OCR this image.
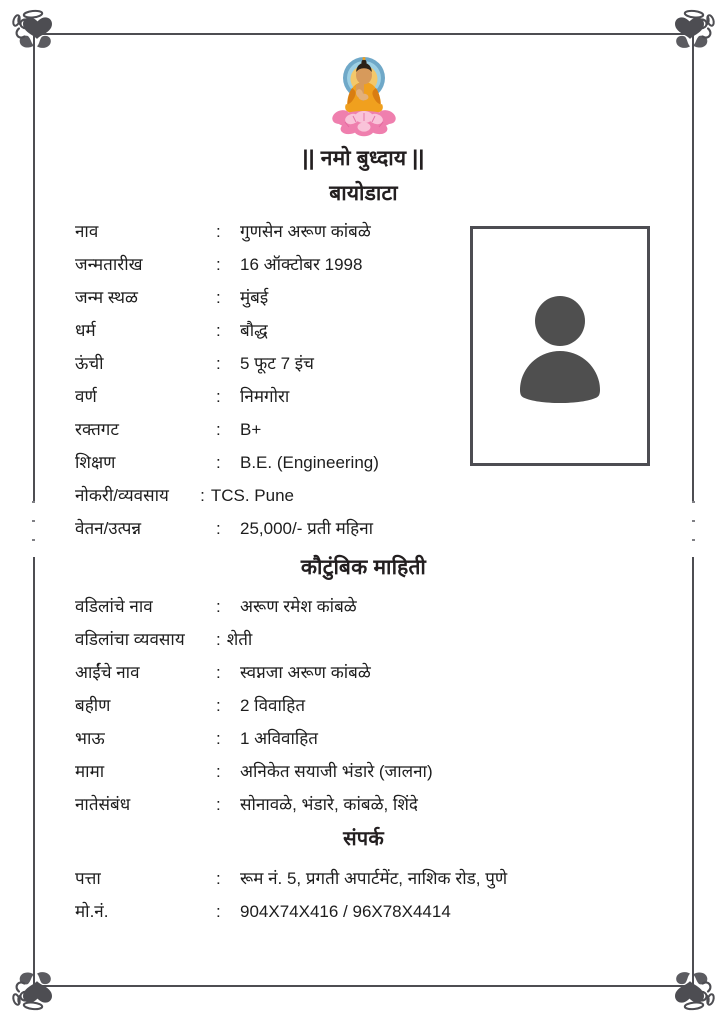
|| नमो बुध्दाय ||
बायोडाटा
नाव	:	गुणसेन अरूण कांबळे
जन्मतारीख	:	16 ऑक्टोबर 1998
जन्म स्थळ	:	मुंबई
धर्म	:	बौद्ध
ऊंची	:	5 फूट 7 इंच
वर्ण	:	निमगोरा
रक्तगट	:	B+
शिक्षण	:	B.E. (Engineering)
नोकरी/व्यवसाय	: TCS. Pune
वेतन/उत्पन्न	:	25,000/- प्रती महिना
कौटुंबिक माहिती
वडिलांचे नाव	:	अरूण रमेश कांबळे
वडिलांचा व्यवसाय	: शेती
आईंचे नाव	:	स्वप्नजा अरूण कांबळे
बहीण	:	2 विवाहित
भाऊ	:	1 अविवाहित
मामा	:	अनिकेत सयाजी भंडारे (जालना)
नातेसंबंध	:	सोनावळे, भंडारे, कांबळे, शिंदे
संपर्क
पत्ता	:	रूम नं. 5, प्रगती अपार्टमेंट, नाशिक रोड, पुणे
मो.नं.	:	904X74X416 / 96X78X4414
